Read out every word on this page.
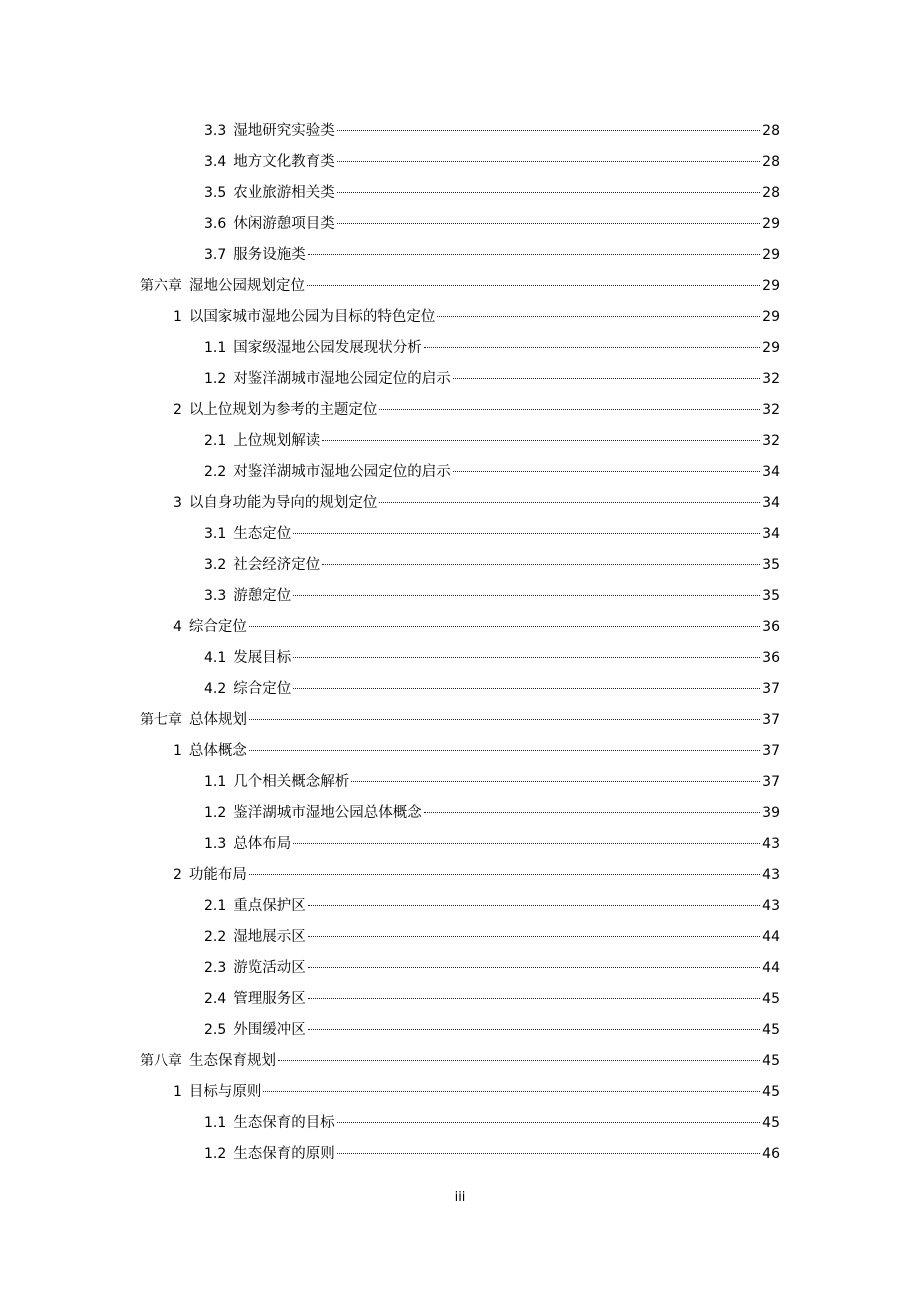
3.3 湿地研究实验类	28
3.4 地方文化教育类	28
3.5 农业旅游相关类	28
3.6 休闲游憩项目类	29
3.7 服务设施类	29
第六章 湿地公园规划定位	29
1 以国家城市湿地公园为目标的特色定位	29
1.1 国家级湿地公园发展现状分析	29
1.2 对鉴洋湖城市湿地公园定位的启示	32
2 以上位规划为参考的主题定位	32
2.1 上位规划解读	32
2.2 对鉴洋湖城市湿地公园定位的启示	34
3 以自身功能为导向的规划定位	34
3.1 生态定位	34
3.2 社会经济定位	35
3.3 游憩定位	35
4 综合定位	36
4.1 发展目标	36
4.2 综合定位	37
第七章 总体规划	37
1 总体概念	37
1.1 几个相关概念解析	37
1.2 鉴洋湖城市湿地公园总体概念	39
1.3 总体布局	43
2 功能布局	43
2.1 重点保护区	43
2.2 湿地展示区	44
2.3 游览活动区	44
2.4 管理服务区	45
2.5 外围缓冲区	45
第八章 生态保育规划	45
1 目标与原则	45
1.1 生态保育的目标	45
1.2 生态保育的原则	46
iii
